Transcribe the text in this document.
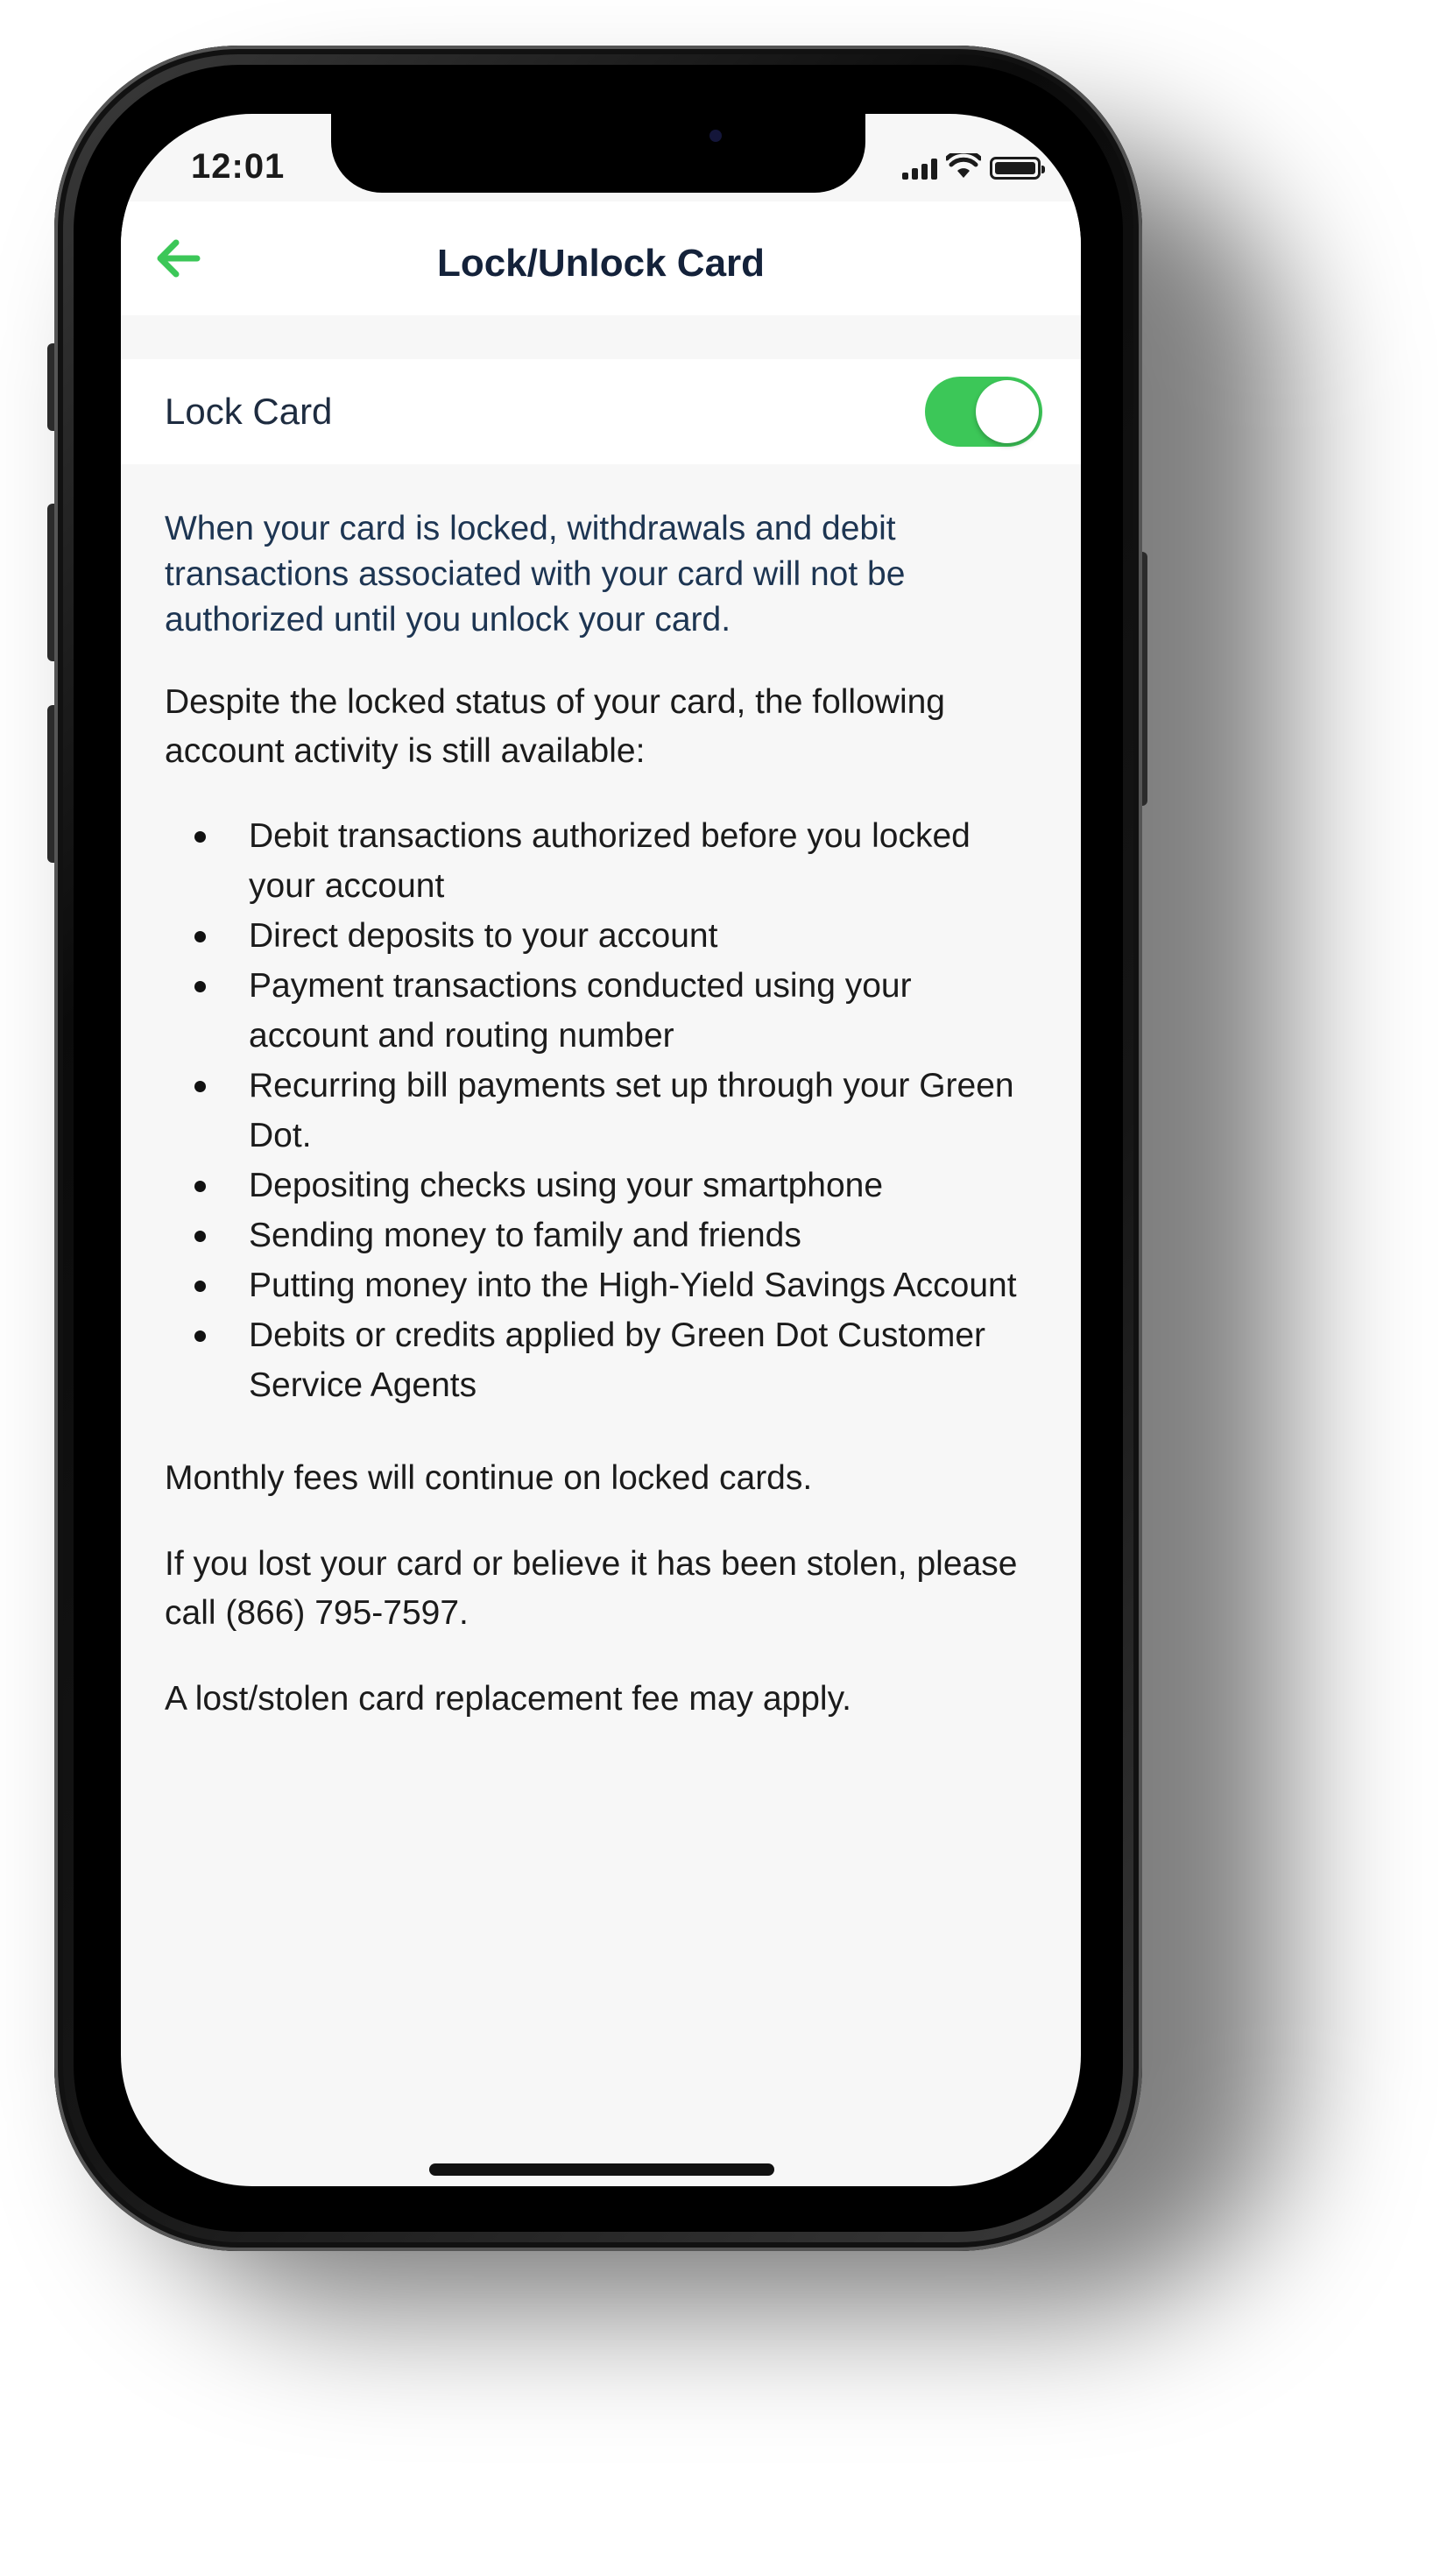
12:01
Lock/Unlock Card
Lock Card

When your card is locked, withdrawals and debit transactions associated with your card will not be authorized until you unlock your card.

Despite the locked status of your card, the following account activity is still available:

Debit transactions authorized before you locked your account
Direct deposits to your account
Payment transactions conducted using your account and routing number
Recurring bill payments set up through your Green Dot.
Depositing checks using your smartphone
Sending money to family and friends
Putting money into the High-Yield Savings Account
Debits or credits applied by Green Dot Customer Service Agents

Monthly fees will continue on locked cards.

If you lost your card or believe it has been stolen, please call (866) 795-7597.

A lost/stolen card replacement fee may apply.
